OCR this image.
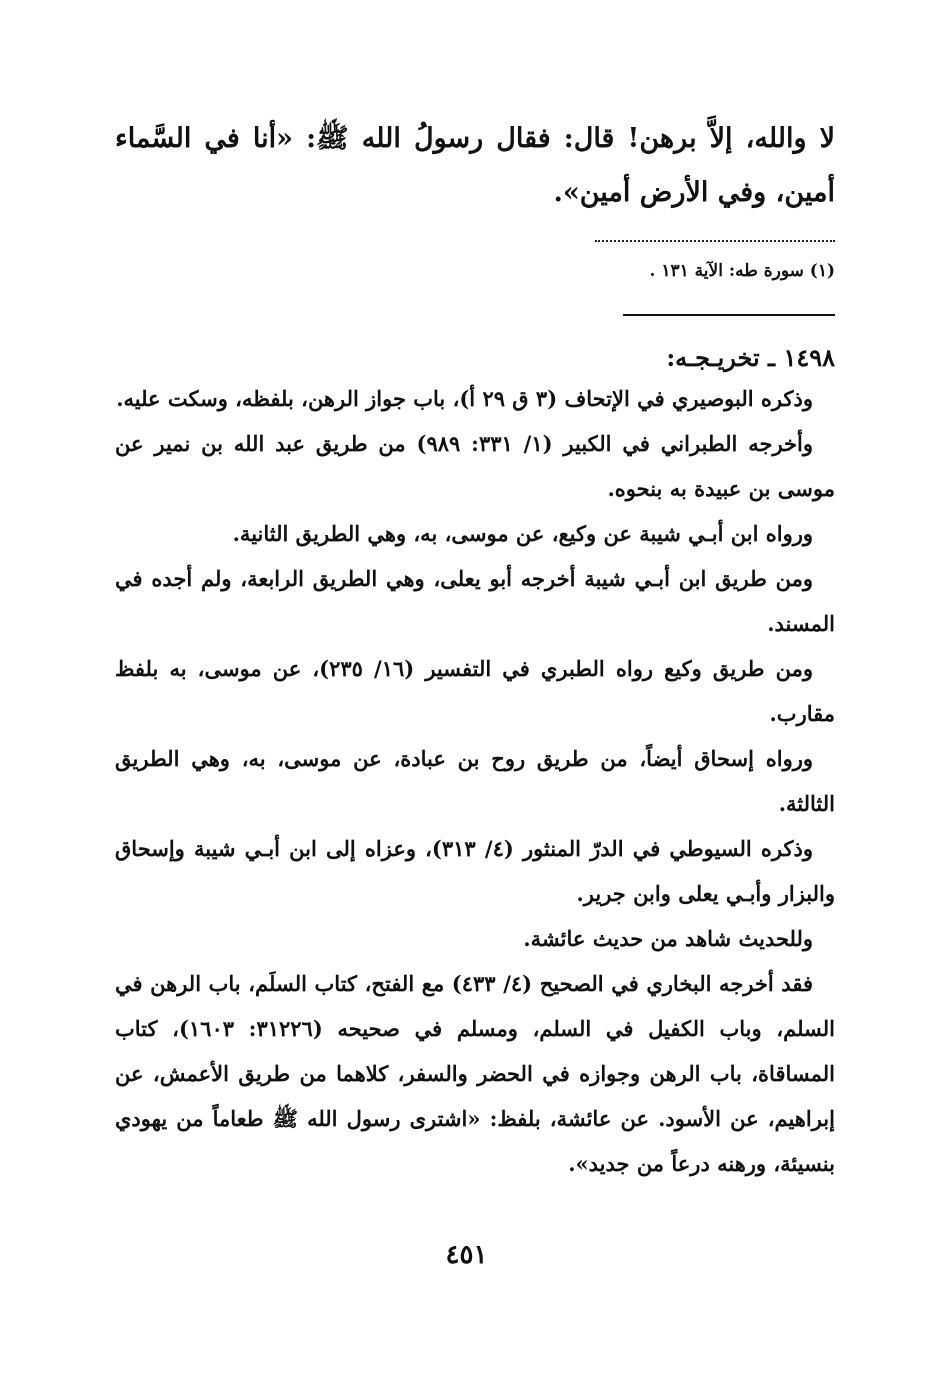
لا والله، إلاَّ برهن! قال: فقال رسولُ الله ﷺ: «أنا في السَّماء أمين، وفي الأرض أمين».

(١) سورة طه: الآية ١٣١ .
١٤٩٨ ـ تخريـجـه:

وذكره البوصيري في الإتحاف (٣ ق ٢٩ أ)، باب جواز الرهن، بلفظه، وسكت عليه.

وأخرجه الطبراني في الكبير (١/ ٣٣١: ٩٨٩) من طريق عبد الله بن نمير عن موسى بن عبيدة به بنحوه.

ورواه ابن أبـي شيبة عن وكيع، عن موسى، به، وهي الطريق الثانية.

ومن طريق ابن أبـي شيبة أخرجه أبو يعلى، وهي الطريق الرابعة، ولم أجده في المسند.

ومن طريق وكيع رواه الطبري في التفسير (١٦/ ٢٣٥)، عن موسى، به بلفظ مقارب.

ورواه إسحاق أيضاً، من طريق روح بن عبادة، عن موسى، به، وهي الطريق الثالثة.

وذكره السيوطي في الدرّ المنثور (٤/ ٣١٣)، وعزاه إلى ابن أبـي شيبة وإسحاق والبزار وأبـي يعلى وابن جرير.

وللحديث شاهد من حديث عائشة.

فقد أخرجه البخاري في الصحيح (٤/ ٤٣٣) مع الفتح، كتاب السلَم، باب الرهن في السلم، وباب الكفيل في السلم، ومسلم في صحيحه (٣١٢٢٦: ١٦٠٣)، كتاب المساقاة، باب الرهن وجوازه في الحضر والسفر، كلاهما من طريق الأعمش، عن إبراهيم، عن الأسود. عن عائشة، بلفظ: «اشترى رسول الله ﷺ طعاماً من يهودي بنسيئة، ورهنه درعاً من جديد».

٤٥١
